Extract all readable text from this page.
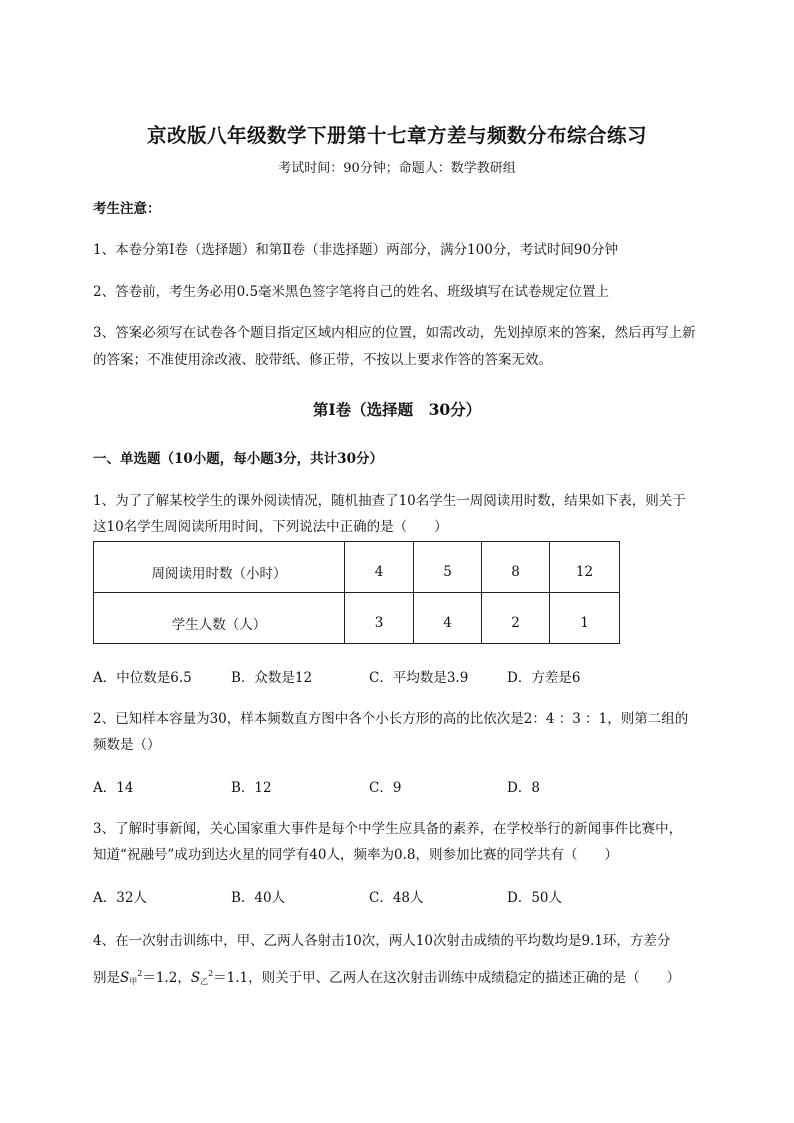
京改版八年级数学下册第十七章方差与频数分布综合练习
考试时间：90分钟；命题人：数学教研组
考生注意：
1、本卷分第Ⅰ卷（选择题）和第Ⅱ卷（非选择题）两部分，满分100分，考试时间90分钟
2、答卷前，考生务必用0.5毫米黑色签字笔将自己的姓名、班级填写在试卷规定位置上
3、答案必须写在试卷各个题目指定区域内相应的位置，如需改动，先划掉原来的答案，然后再写上新
的答案；不准使用涂改液、胶带纸、修正带，不按以上要求作答的答案无效。
第Ⅰ卷（选择题　30分）
一、单选题（10小题，每小题3分，共计30分）
1、为了了解某校学生的课外阅读情况，随机抽查了10名学生一周阅读用时数，结果如下表，则关于
这10名学生周阅读所用时间，下列说法中正确的是（　　）
周阅读用时数（小时）	4	5	8	12
学生人数（人）	3	4	2	1
A．中位数是6.5	B．众数是12	C．平均数是3.9	D．方差是6
2、已知样本容量为30，样本频数直方图中各个小长方形的高的比依次是2：4 ：3 ：1，则第二组的
频数是（）
A．14	B．12	C．9	D．8
3、了解时事新闻，关心国家重大事件是每个中学生应具备的素养，在学校举行的新闻事件比赛中，
知道“祝融号”成功到达火星的同学有40人，频率为0.8，则参加比赛的同学共有（　　）
A．32人	B．40人	C．48人	D．50人
4、在一次射击训练中，甲、乙两人各射击10次，两人10次射击成绩的平均数均是9.1环，方差分
别是$S_甲^2=1.2$，$S_乙^2=1.1$，则关于甲、乙两人在这次射击训练中成绩稳定的描述正确的是（　　）
